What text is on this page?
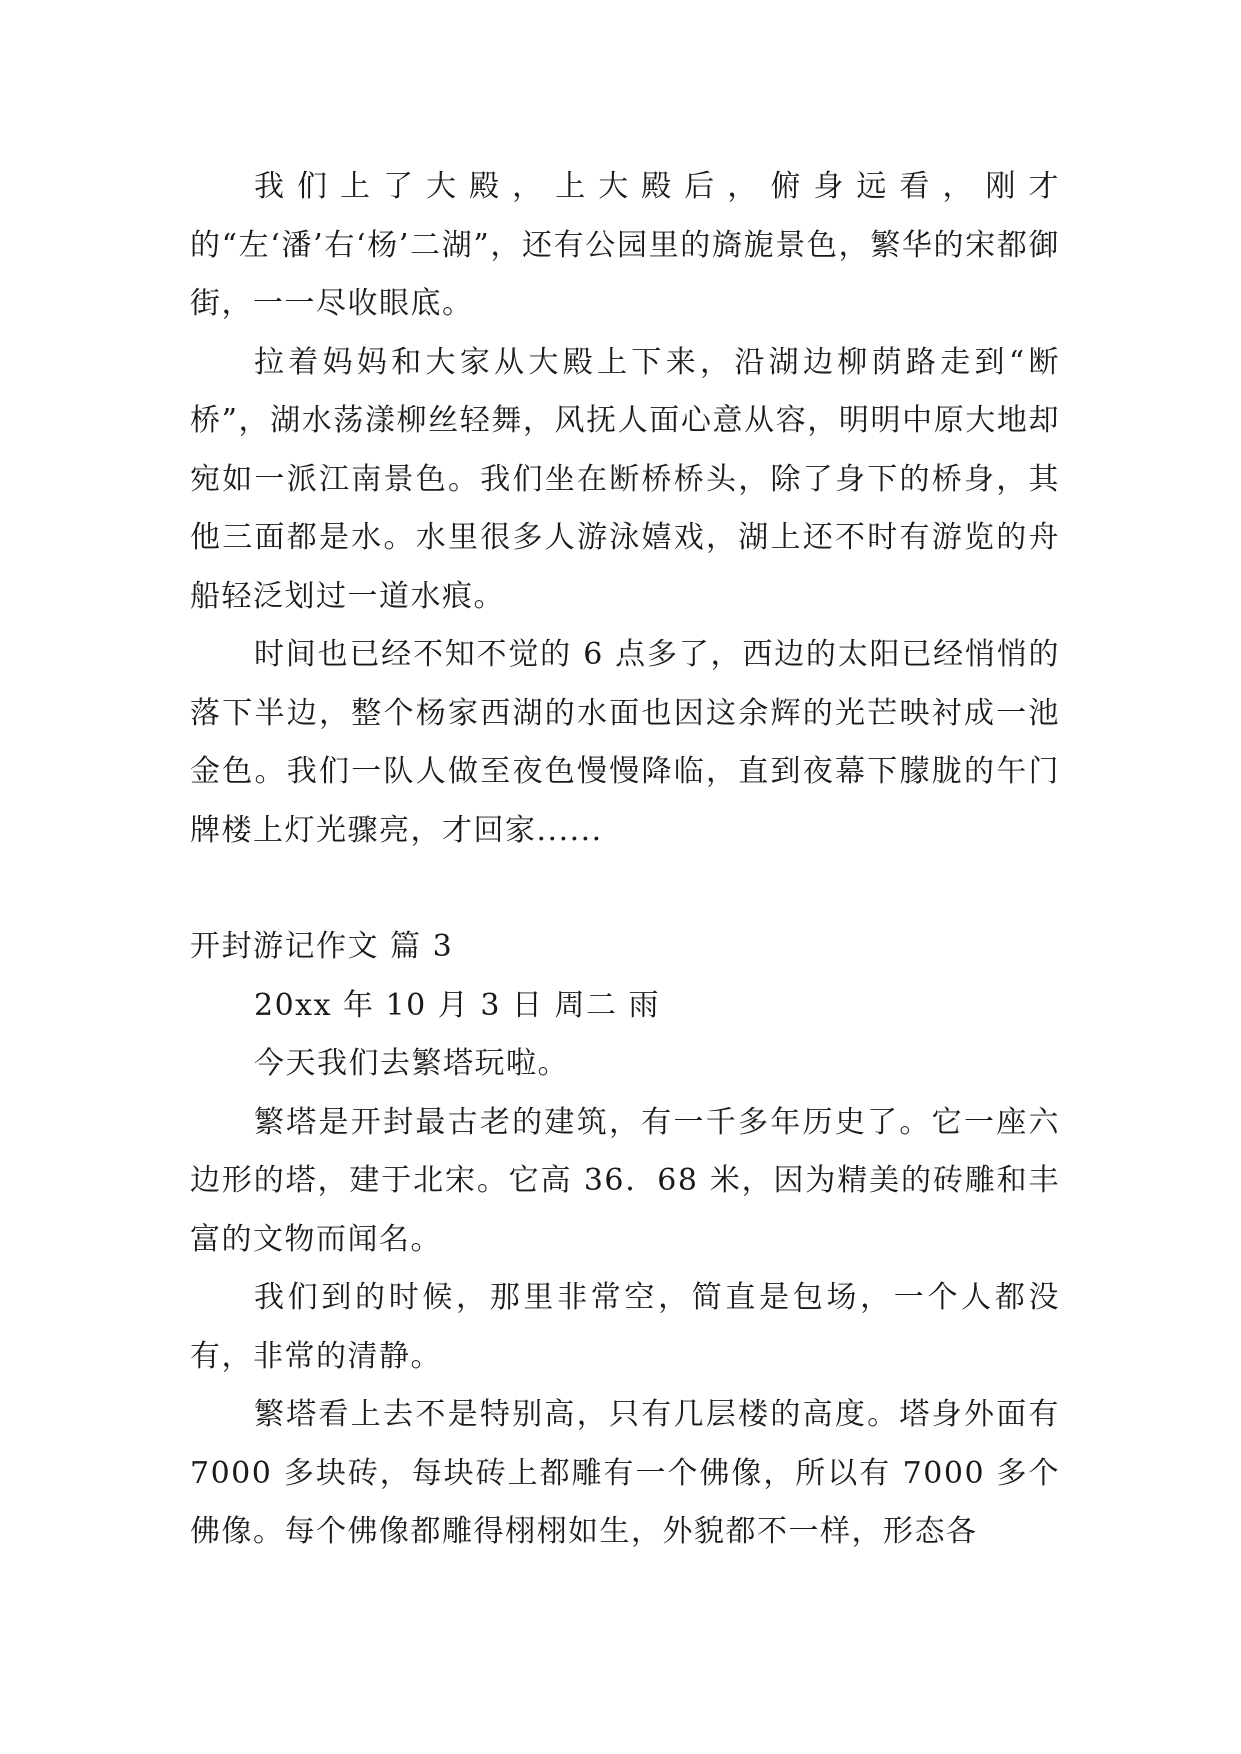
我们上了大殿，上大殿后，俯身远看，刚才的“左‘潘’右‘杨’二湖”，还有公园里的旖旎景色，繁华的宋都御街，一一尽收眼底。

拉着妈妈和大家从大殿上下来，沿湖边柳荫路走到“断桥”，湖水荡漾柳丝轻舞，风抚人面心意从容，明明中原大地却宛如一派江南景色。我们坐在断桥桥头，除了身下的桥身，其他三面都是水。水里很多人游泳嬉戏，湖上还不时有游览的舟船轻泛划过一道水痕。

时间也已经不知不觉的 6 点多了，西边的太阳已经悄悄的落下半边，整个杨家西湖的水面也因这余辉的光芒映衬成一池金色。我们一队人做至夜色慢慢降临，直到夜幕下朦胧的午门牌楼上灯光骤亮，才回家......

开封游记作文 篇 3

20xx 年 10 月 3 日 周二 雨

今天我们去繁塔玩啦。

繁塔是开封最古老的建筑，有一千多年历史了。它一座六边形的塔，建于北宋。它高 36．68 米，因为精美的砖雕和丰富的文物而闻名。

我们到的时候，那里非常空，简直是包场，一个人都没有，非常的清静。

繁塔看上去不是特别高，只有几层楼的高度。塔身外面有 7000 多块砖，每块砖上都雕有一个佛像，所以有 7000 多个佛像。每个佛像都雕得栩栩如生，外貌都不一样，形态各
